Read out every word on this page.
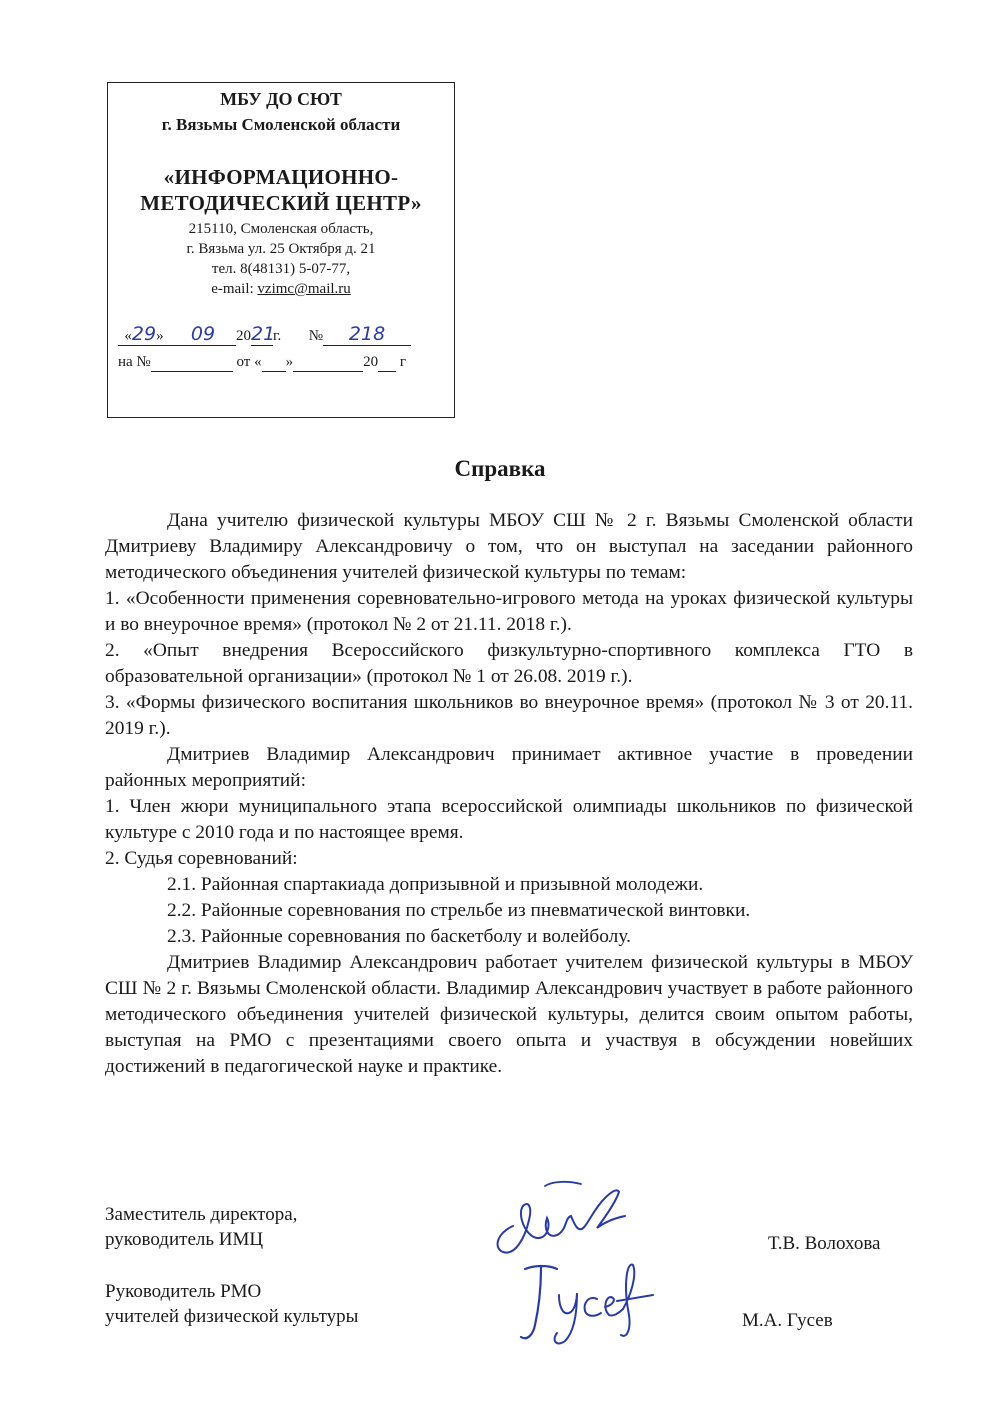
МБУ ДО СЮТ
г. Вязьмы Смоленской области
«ИНФОРМАЦИОННО-
МЕТОДИЧЕСКИЙ ЦЕНТР»
215110, Смоленская область,
г. Вязьма ул. 25 Октября д. 21
тел. 8(48131) 5-07-77,
e-mail: vzimc@mail.ru
«29» 09 2021г. № 218
на №	от « »	20 г
Справка

Дана учителю физической культуры МБОУ СШ № 2 г. Вязьмы Смоленской области Дмитриеву Владимиру Александровичу о том, что он выступал на заседании районного методического объединения учителей физической культуры по темам:

1. «Особенности применения соревновательно-игрового метода на уроках физической культуры и во внеурочное время» (протокол № 2 от 21.11. 2018 г.).

2. «Опыт внедрения Всероссийского физкультурно-спортивного комплекса ГТО в образовательной организации» (протокол № 1 от 26.08. 2019 г.).

3. «Формы физического воспитания школьников во внеурочное время» (протокол № 3 от 20.11. 2019 г.).

Дмитриев Владимир Александрович принимает активное участие в проведении районных мероприятий:

1. Член жюри муниципального этапа всероссийской олимпиады школьников по физической культуре с 2010 года и по настоящее время.

2. Судья соревнований:

2.1. Районная спартакиада допризывной и призывной молодежи.

2.2. Районные соревнования по стрельбе из пневматической винтовки.

2.3. Районные соревнования по баскетболу и волейболу.

Дмитриев Владимир Александрович работает учителем физической культуры в МБОУ СШ № 2 г. Вязьмы Смоленской области. Владимир Александрович участвует в работе районного методического объединения учителей физической культуры, делится своим опытом работы, выступая на РМО с презентациями своего опыта и участвуя в обсуждении новейших достижений в педагогической науке и практике.

Заместитель директора,
руководитель ИМЦ	Т.В. Волохова
Руководитель РМО
учителей физической культуры	М.А. Гусев
